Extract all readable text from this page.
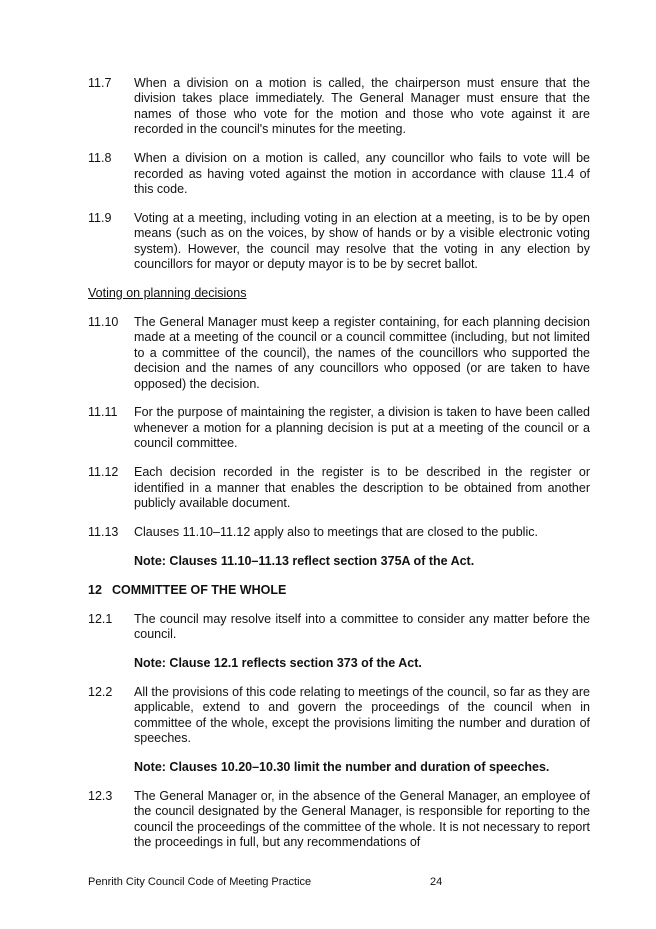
11.7	When a division on a motion is called, the chairperson must ensure that the division takes place immediately. The General Manager must ensure that the names of those who vote for the motion and those who vote against it are recorded in the council's minutes for the meeting.
11.8	When a division on a motion is called, any councillor who fails to vote will be recorded as having voted against the motion in accordance with clause 11.4 of this code.
11.9	Voting at a meeting, including voting in an election at a meeting, is to be by open means (such as on the voices, by show of hands or by a visible electronic voting system). However, the council may resolve that the voting in any election by councillors for mayor or deputy mayor is to be by secret ballot.
Voting on planning decisions
11.10	The General Manager must keep a register containing, for each planning decision made at a meeting of the council or a council committee (including, but not limited to a committee of the council), the names of the councillors who supported the decision and the names of any councillors who opposed (or are taken to have opposed) the decision.
11.11	For the purpose of maintaining the register, a division is taken to have been called whenever a motion for a planning decision is put at a meeting of the council or a council committee.
11.12	Each decision recorded in the register is to be described in the register or identified in a manner that enables the description to be obtained from another publicly available document.
11.13	Clauses 11.10–11.12 apply also to meetings that are closed to the public.
Note: Clauses 11.10–11.13 reflect section 375A of the Act.
12 COMMITTEE OF THE WHOLE
12.1	The council may resolve itself into a committee to consider any matter before the council.
Note: Clause 12.1 reflects section 373 of the Act.
12.2	All the provisions of this code relating to meetings of the council, so far as they are applicable, extend to and govern the proceedings of the council when in committee of the whole, except the provisions limiting the number and duration of speeches.
Note: Clauses 10.20–10.30 limit the number and duration of speeches.
12.3	The General Manager or, in the absence of the General Manager, an employee of the council designated by the General Manager, is responsible for reporting to the council the proceedings of the committee of the whole. It is not necessary to report the proceedings in full, but any recommendations of
Penrith City Council Code of Meeting Practice	24
